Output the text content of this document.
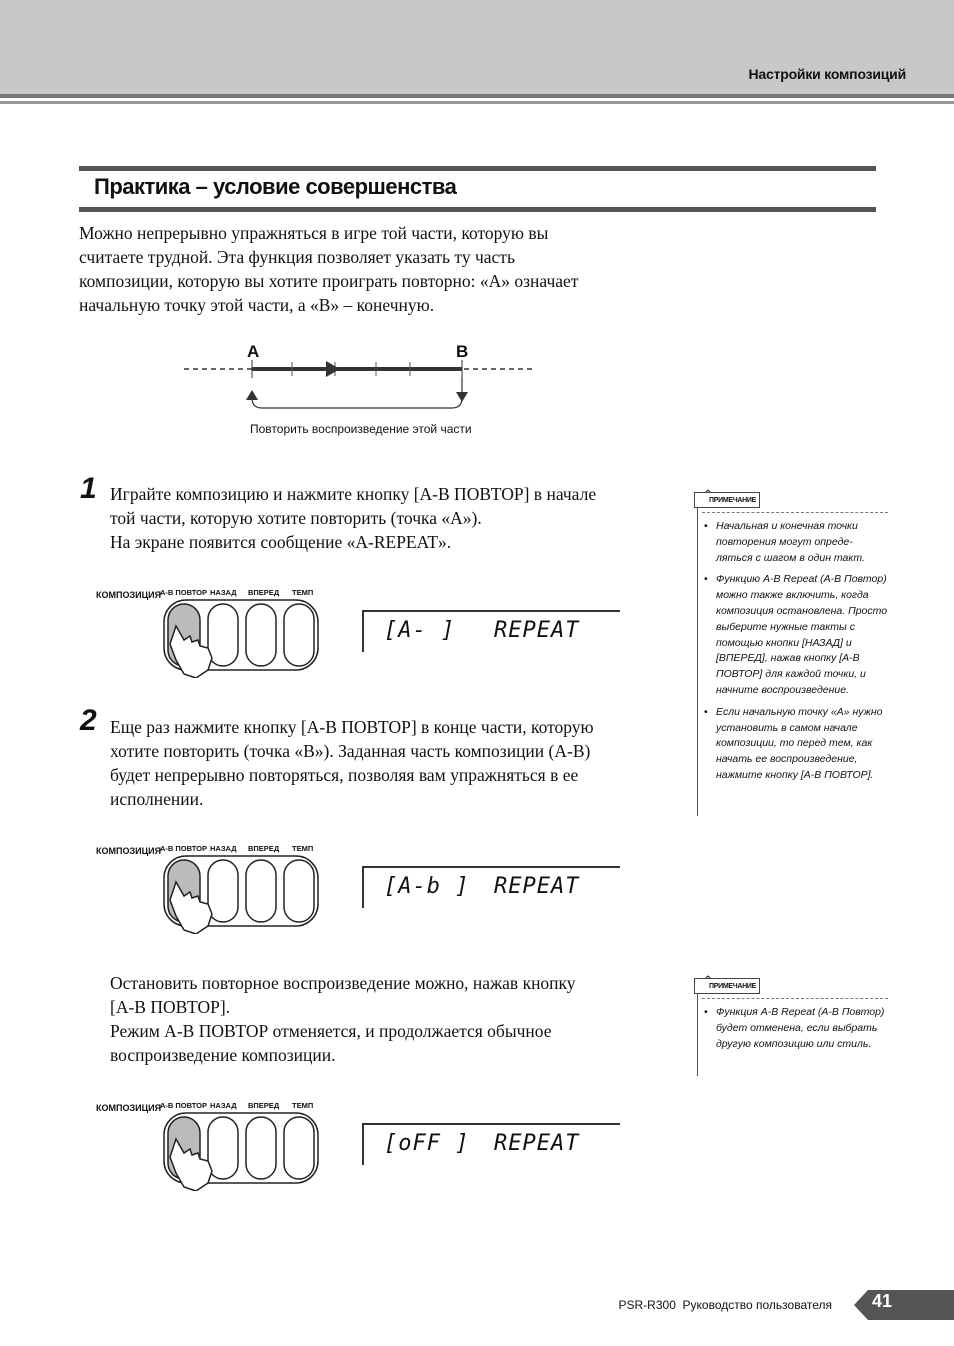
Настройки композиций
Практика – условие совершенства

Можно непрерывно упражняться в игре той части, которую вы

считаете трудной. Эта функция позволяет указать ту часть

композиции, которую вы хотите проиграть повторно: «A» означает

начальную точку этой части, а «B» – конечную.

A	B
Повторить воспроизведение этой части
1 Играйте композицию и нажмите кнопку [A-B ПОВТОР] в начале

той части, которую хотите повторить (точка «A»).

На экране появится сообщение «A-REPEAT».

КОМПОЗИЦИЯ
A-B ПОВТОР НАЗАД ВПЕРЕД ТЕМП
[A- ] REPEAT
2 Еще раз нажмите кнопку [A-B ПОВТОР] в конце части, которую

хотите повторить (точка «B»). Заданная часть композиции (A-B)

будет непрерывно повторяться, позволяя вам упражняться в ее

исполнении.

КОМПОЗИЦИЯ
A-B ПОВТОР НАЗАД ВПЕРЕД ТЕМП
[A-b ] REPEAT

Остановить повторное воспроизведение можно, нажав кнопку

[A-B ПОВТОР].

Режим A-B ПОВТОР отменяется, и продолжается обычное

воспроизведение композиции.

КОМПОЗИЦИЯ
A-B ПОВТОР НАЗАД ВПЕРЕД ТЕМП
[oFF ] REPEAT
ПРИМЕЧАНИЕ
• Начальная и конечная точки повторения могут опреде- ляться с шагом в один такт.
• Функцию A-B Repeat (A-B Повтор) можно также включить, когда композиция остановлена. Просто выберите нужные такты с помощью кнопки [НАЗАД] и [ВПЕРЕД], нажав кнопку [A-B ПОВТОР] для каждой точки, и начните воспроизведение.
• Если начальную точку «A» нужно установить в самом начале композиции, то перед тем, как начать ее воспроизведение, нажмите кнопку [A-B ПОВТОР].
ПРИМЕЧАНИЕ
• Функция A-B Repeat (A-B Повтор) будет отменена, если выбрать другую композицию или стиль.
PSR-R300 Руководство пользователя 41
